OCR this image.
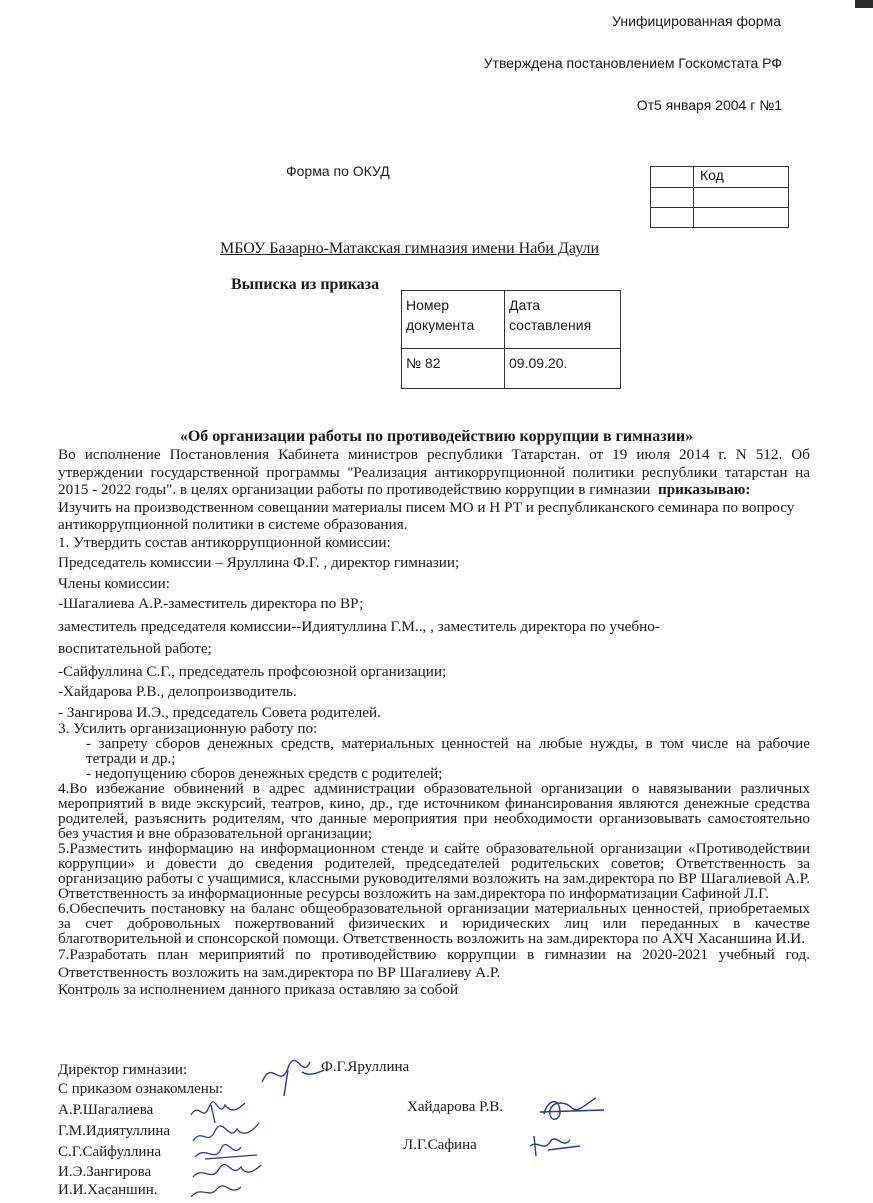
Унифицированная форма
Утверждена постановлением Госкомстата РФ
От5 января 2004 г №1
Форма по ОКУД
		Код

МБОУ Базарно-Матакская гимназия имени Наби Даули
Выписка из приказа
Номер документа	Дата составления
№ 82	09.09.20.
«Об организации работы по противодействию коррупции в гимназии»

Во исполнение Постановления Кабинета министров республики Татарстан. от 19 июля 2014 г. N 512. Об утверждении государственной программы "Реализация антикоррупционной политики республики татарстан на 2015 - 2022 годы". в целях организации работы по противодействию коррупции в гимназии приказываю:

Изучить на производственном совещании материалы писем МО и Н РТ и республиканского семинара по вопросу антикоррупционной политики в системе образования.

1. Утвердить состав антикоррупционной комиссии:

Председатель комиссии – Яруллина Ф.Г. , директор гимназии;

Члены комиссии:

-Шагалиева А.Р.-заместитель директора по ВР;

заместитель председателя комиссии--Идиятуллина Г.М.., , заместитель директора по учебно-воспитательной работе;

-Сайфуллина С.Г., председатель профсоюзной организации;

-Хайдарова Р.В., делопроизводитель.

- Зангирова И.Э., председатель Совета родителей.

3. Усилить организационную работу по:

- запрету сборов денежных средств, материальных ценностей на любые нужды, в том числе на рабочие тетради и др.;

- недопущению сборов денежных средств с родителей;

4.Во избежание обвинений в адрес администрации образовательной организации о навязывании различных мероприятий в виде экскурсий, театров, кино, др., где источником финансирования являются денежные средства родителей, разъяснить родителям, что данные мероприятия при необходимости организовывать самостоятельно без участия и вне образовательной организации;

5.Разместить информацию на информационном стенде и сайте образовательной организации «Противодействии коррупции» и довести до сведения родителей, председателей родительских советов; Ответственность за организацию работы с учащимися, классными руководителями возложить на зам.директора по ВР Шагалиевой А.Р. Ответственность за информационные ресурсы возложить на зам.директора по информатизации Сафиной Л.Г.

6.Обеспечить постановку на баланс общеобразовательной организации материальных ценностей, приобретаемых за счет добровольных пожертвований физических и юридических лиц или переданных в качестве благотворительной и спонсорской помощи. Ответственность возложить на зам.директора по АХЧ Хасаншина И.И.

7.Разработать план мериприятий по противодействию коррупции в гимназии на 2020-2021 учебный год. Ответственность возложить на зам.директора по ВР Шагалиеву А.Р.

Контроль за исполнением данного приказа оставляю за собой

Директор гимназии:	Ф.Г.Яруллина
С приказом ознакомлены:
А.Р.Шагалиева
Г.М.Идиятуллина
С.Г.Сайфуллина
И.Э.Зангирова
И.И.Хасаншин.
Хайдарова Р.В.
Л.Г.Сафина
